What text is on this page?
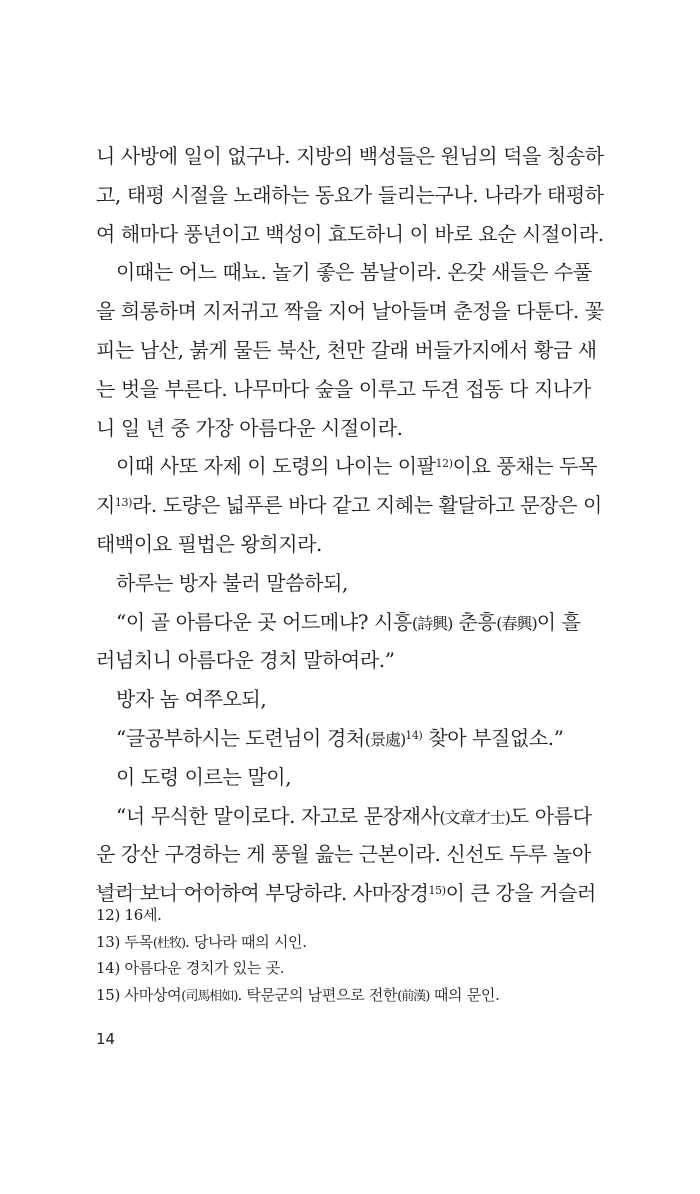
니 사방에 일이 없구나. 지방의 백성들은 원님의 덕을 칭송하
고, 태평 시절을 노래하는 동요가 들리는구나. 나라가 태평하
여 해마다 풍년이고 백성이 효도하니 이 바로 요순 시절이라.
이때는 어느 때뇨. 놀기 좋은 봄날이라. 온갖 새들은 수풀
을 희롱하며 지저귀고 짝을 지어 날아들며 춘정을 다툰다. 꽃
피는 남산, 붉게 물든 북산, 천만 갈래 버들가지에서 황금 새
는 벗을 부른다. 나무마다 숲을 이루고 두견 접동 다 지나가
니 일 년 중 가장 아름다운 시절이라.
이때 사또 자제 이 도령의 나이는 이팔$^{12)}$이요 풍채는 두목
지$^{13)}$라. 도량은 넓푸른 바다 같고 지혜는 활달하고 문장은 이
태백이요 필법은 왕희지라.
하루는 방자 불러 말씀하되,
“이 골 아름다운 곳 어드메냐? 시흥(詩興) 춘흥(春興)이 흘
러넘치니 아름다운 경치 말하여라.”
방자 놈 여쭈오되,
“글공부하시는 도련님이 경처(景處)$^{14)}$ 찾아 부질없소.”
이 도령 이르는 말이,
“너 무식한 말이로다. 자고로 문장재사(文章才士)도 아름다
운 강산 구경하는 게 풍월 읊는 근본이라. 신선도 두루 놀아
널리 보니 어이하여 부당하랴. 사마장경$^{15)}$이 큰 강을 거슬러
12) 16세.
13) 두목(杜牧). 당나라 때의 시인.
14) 아름다운 경치가 있는 곳.
15) 사마상여(司馬相如). 탁문군의 남편으로 전한(前漢) 때의 문인.
14
